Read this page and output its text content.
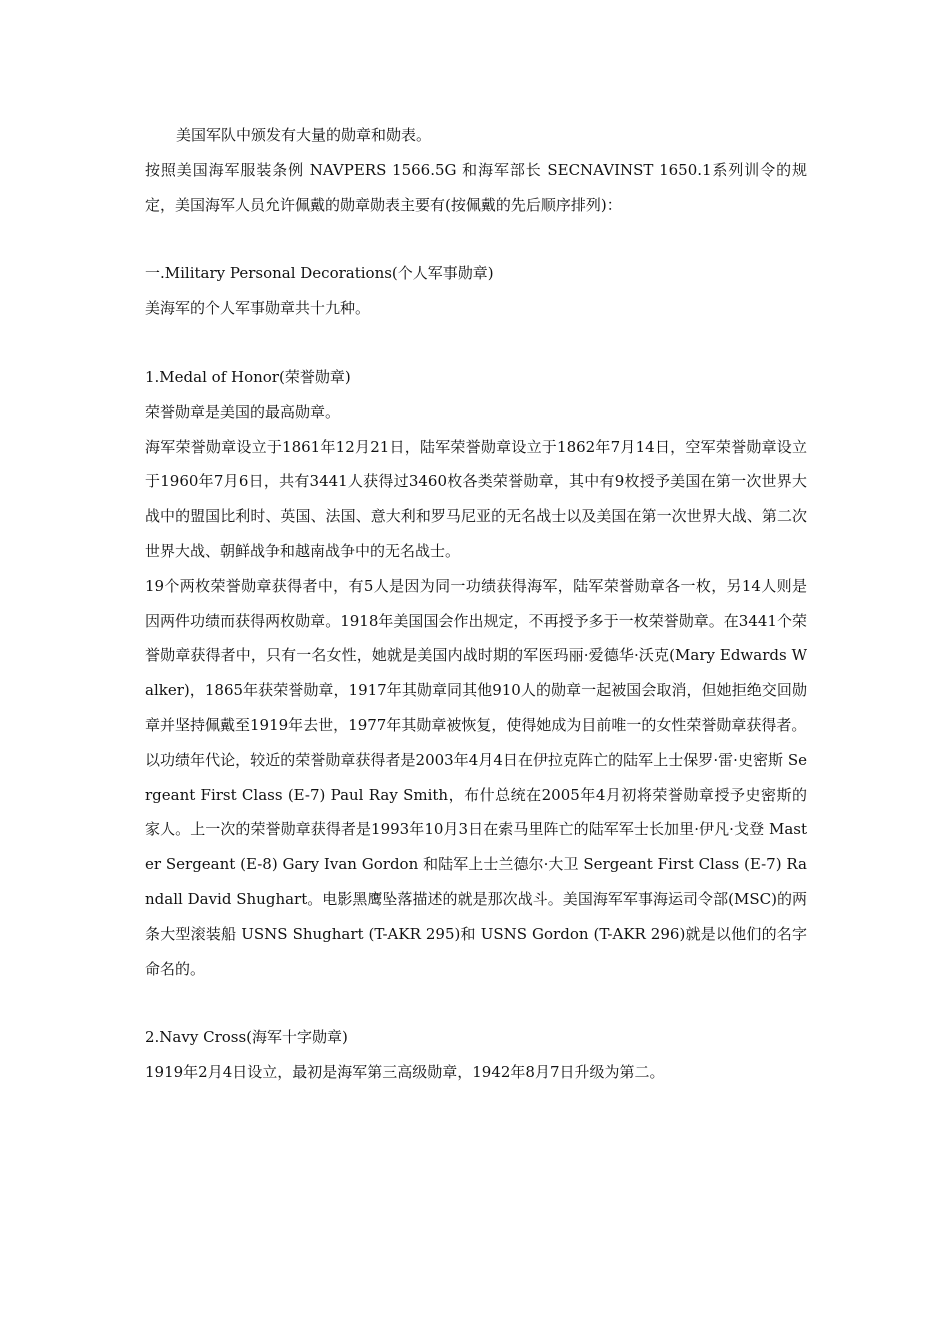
美国军队中颁发有大量的勋章和勋表。

按照美国海军服装条例 NAVPERS 1566.5G 和海军部长 SECNAVINST 1650.1系列训令的规定，美国海军人员允许佩戴的勋章勋表主要有(按佩戴的先后顺序排列)：

一.Military Personal Decorations(个人军事勋章)

美海军的个人军事勋章共十九种。

1.Medal of Honor(荣誉勋章)

荣誉勋章是美国的最高勋章。

海军荣誉勋章设立于1861年12月21日，陆军荣誉勋章设立于1862年7月14日，空军荣誉勋章设立于1960年7月6日，共有3441人获得过3460枚各类荣誉勋章，其中有9枚授予美国在第一次世界大战中的盟国比利时、英国、法国、意大利和罗马尼亚的无名战士以及美国在第一次世界大战、第二次世界大战、朝鲜战争和越南战争中的无名战士。

19个两枚荣誉勋章获得者中，有5人是因为同一功绩获得海军，陆军荣誉勋章各一枚，另14人则是因两件功绩而获得两枚勋章。1918年美国国会作出规定，不再授予多于一枚荣誉勋章。在3441个荣誉勋章获得者中，只有一名女性，她就是美国内战时期的军医玛丽·爱德华·沃克(Mary Edwards Walker)，1865年获荣誉勋章，1917年其勋章同其他910人的勋章一起被国会取消，但她拒绝交回勋章并坚持佩戴至1919年去世，1977年其勋章被恢复，使得她成为目前唯一的女性荣誉勋章获得者。

以功绩年代论，较近的荣誉勋章获得者是2003年4月4日在伊拉克阵亡的陆军上士保罗·雷·史密斯 Sergeant First Class (E-7) Paul Ray Smith，布什总统在2005年4月初将荣誉勋章授予史密斯的家人。上一次的荣誉勋章获得者是1993年10月3日在索马里阵亡的陆军军士长加里·伊凡·戈登 Master Sergeant (E-8) Gary Ivan Gordon 和陆军上士兰德尔·大卫 Sergeant First Class (E-7) Randall David Shughart。电影黑鹰坠落描述的就是那次战斗。美国海军军事海运司令部(MSC)的两条大型滚装船 USNS Shughart (T-AKR 295)和 USNS Gordon (T-AKR 296)就是以他们的名字命名的。

2.Navy Cross(海军十字勋章)

1919年2月4日设立，最初是海军第三高级勋章，1942年8月7日升级为第二。
